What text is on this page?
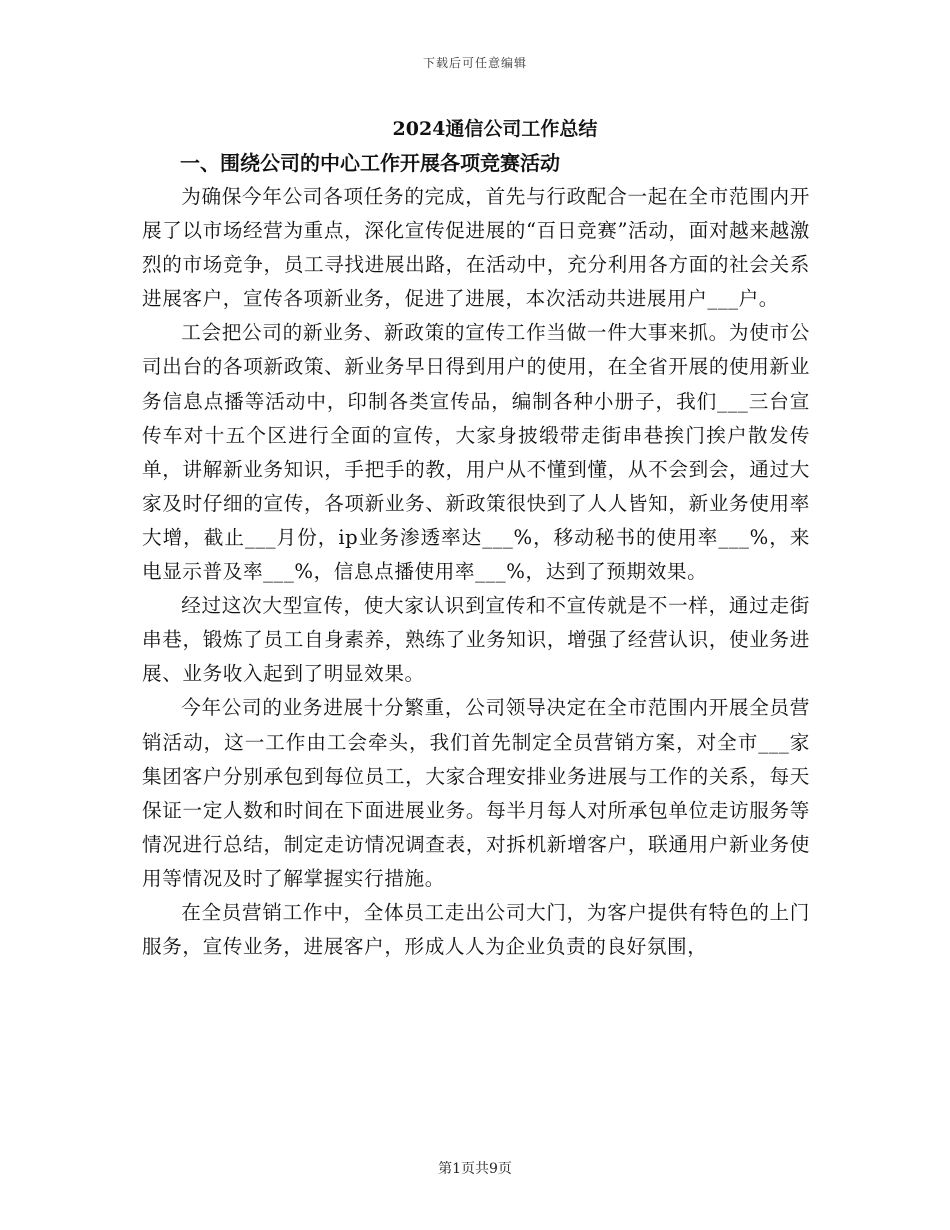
下载后可任意编辑
2024通信公司工作总结
一、围绕公司的中心工作开展各项竞赛活动

为确保今年公司各项任务的完成，首先与行政配合一起在全市范围内开展了以市场经营为重点，深化宣传促进展的“百日竞赛”活动，面对越来越激烈的市场竞争，员工寻找进展出路，在活动中，充分利用各方面的社会关系进展客户，宣传各项新业务，促进了进展，本次活动共进展用户___户。

工会把公司的新业务、新政策的宣传工作当做一件大事来抓。为使市公司出台的各项新政策、新业务早日得到用户的使用，在全省开展的使用新业务信息点播等活动中，印制各类宣传品，编制各种小册子，我们___三台宣传车对十五个区进行全面的宣传，大家身披缎带走街串巷挨门挨户散发传单，讲解新业务知识，手把手的教，用户从不懂到懂，从不会到会，通过大家及时仔细的宣传，各项新业务、新政策很快到了人人皆知，新业务使用率大增，截止___月份，ip业务渗透率达___%，移动秘书的使用率___%，来电显示普及率___%，信息点播使用率___%，达到了预期效果。

经过这次大型宣传，使大家认识到宣传和不宣传就是不一样，通过走街串巷，锻炼了员工自身素养，熟练了业务知识，增强了经营认识，使业务进展、业务收入起到了明显效果。

今年公司的业务进展十分繁重，公司领导决定在全市范围内开展全员营销活动，这一工作由工会牵头，我们首先制定全员营销方案，对全市___家集团客户分别承包到每位员工，大家合理安排业务进展与工作的关系，每天保证一定人数和时间在下面进展业务。每半月每人对所承包单位走访服务等情况进行总结，制定走访情况调查表，对拆机新增客户，联通用户新业务使用等情况及时了解掌握实行措施。

在全员营销工作中，全体员工走出公司大门，为客户提供有特色的上门服务，宣传业务，进展客户，形成人人为企业负责的良好氛围，

第1页共9页
